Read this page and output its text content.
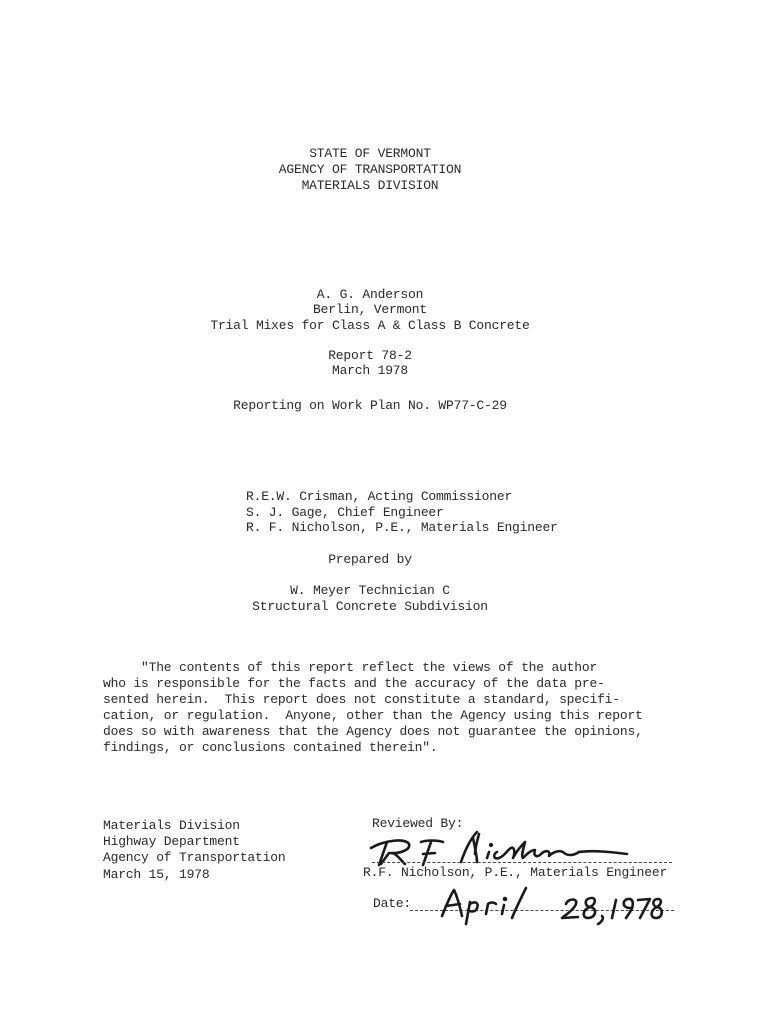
STATE OF VERMONT
AGENCY OF TRANSPORTATION
MATERIALS DIVISION
A. G. Anderson
Berlin, Vermont
Trial Mixes for Class A & Class B Concrete
Report 78-2
March 1978
Reporting on Work Plan No. WP77-C-29
R.E.W. Crisman, Acting Commissioner
S. J. Gage, Chief Engineer
R. F. Nicholson, P.E., Materials Engineer
Prepared by
W. Meyer Technician C
Structural Concrete Subdivision
"The contents of this report reflect the views of the author
who is responsible for the facts and the accuracy of the data pre-
sented herein.  This report does not constitute a standard, specifi-
cation, or regulation.  Anyone, other than the Agency using this report
does so with awareness that the Agency does not guarantee the opinions,
findings, or conclusions contained therein".
Materials Division
Highway Department
Agency of Transportation
March 15, 1978
Reviewed By:
R.F. Nicholson, P.E., Materials Engineer
Date:
